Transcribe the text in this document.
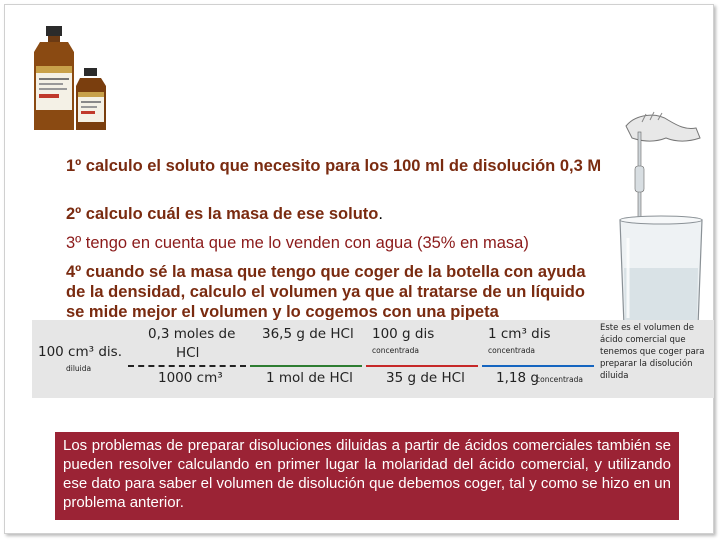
1º calculo el soluto que necesito para los 100 ml de disolución 0,3 M

2º calculo cuál es la masa de ese soluto.

3º tengo en cuenta que me lo venden con agua (35% en masa)

4º cuando sé la masa que tengo que coger de la botella con ayuda de la densidad, calculo el volumen ya que al tratarse de un líquido se mide mejor el volumen y lo cogemos con una pipeta

100 cm³ dis.
diluida
0,3 moles de
HCl
1000 cm³
36,5 g de HCl
1 mol de HCl
100 g dis
concentrada
35 g de HCl
1 cm³ dis
concentrada
1,18 g
concentrada
Este es el volumen de ácido comercial que tenemos que coger para preparar la disolución diluida
Los problemas de preparar disoluciones diluidas a partir de ácidos comerciales también se pueden resolver calculando en primer lugar la molaridad del ácido comercial, y utilizando ese dato para saber el volumen de disolución que debemos coger, tal y como se hizo en un problema anterior.
